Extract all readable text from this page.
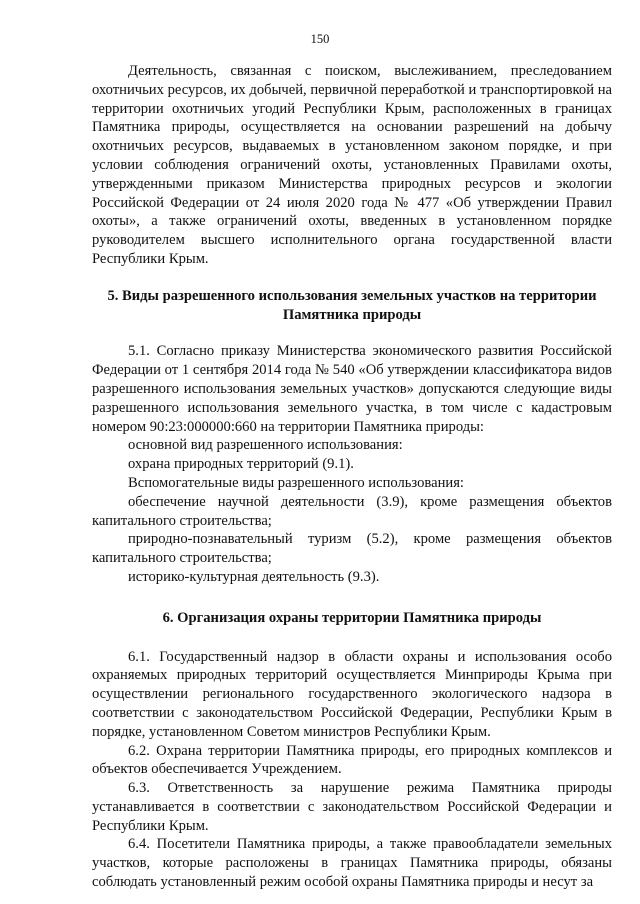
150

Деятельность, связанная с поиском, выслеживанием, преследованием охотничьих ресурсов, их добычей, первичной переработкой и транспортировкой на территории охотничьих угодий Республики Крым, расположенных в границах Памятника природы, осуществляется на основании разрешений на добычу охотничьих ресурсов, выдаваемых в установленном законом порядке, и при условии соблюдения ограничений охоты, установленных Правилами охоты, утвержденными приказом Министерства природных ресурсов и экологии Российской Федерации от 24 июля 2020 года № 477 «Об утверждении Правил охоты», а также ограничений охоты, введенных в установленном порядке руководителем высшего исполнительного органа государственной власти Республики Крым.

5. Виды разрешенного использования земельных участков на территории Памятника природы

5.1. Согласно приказу Министерства экономического развития Российской Федерации от 1 сентября 2014 года № 540 «Об утверждении классификатора видов разрешенного использования земельных участков» допускаются следующие виды разрешенного использования земельного участка, в том числе с кадастровым номером 90:23:000000:660 на территории Памятника природы:

основной вид разрешенного использования:

охрана природных территорий (9.1).

Вспомогательные виды разрешенного использования:

обеспечение научной деятельности (3.9), кроме размещения объектов капитального строительства;

природно-познавательный туризм (5.2), кроме размещения объектов капитального строительства;

историко-культурная деятельность (9.3).

6. Организация охраны территории Памятника природы

6.1. Государственный надзор в области охраны и использования особо охраняемых природных территорий осуществляется Минприроды Крыма при осуществлении регионального государственного экологического надзора в соответствии с законодательством Российской Федерации, Республики Крым в порядке, установленном Советом министров Республики Крым.

6.2. Охрана территории Памятника природы, его природных комплексов и объектов обеспечивается Учреждением.

6.3. Ответственность за нарушение режима Памятника природы устанавливается в соответствии с законодательством Российской Федерации и Республики Крым.

6.4. Посетители Памятника природы, а также правообладатели земельных участков, которые расположены в границах Памятника природы, обязаны соблюдать установленный режим особой охраны Памятника природы и несут за
